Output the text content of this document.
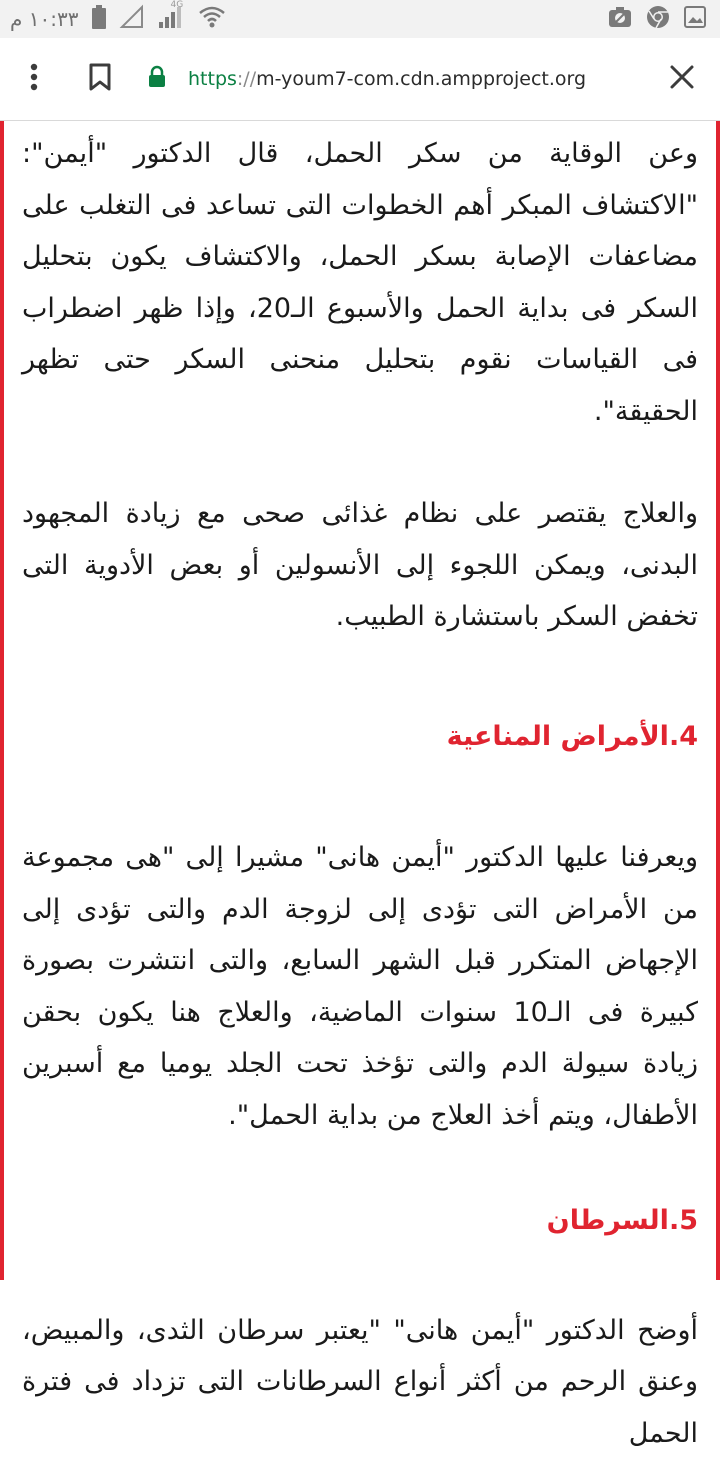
١٠:٣٣ م
4G
https://m-youm7-com.cdn.ampproject.org

وعن الوقاية من سكر الحمل، قال الدكتور "أيمن": "الاكتشاف المبكر أهم الخطوات التى تساعد فى التغلب على مضاعفات الإصابة بسكر الحمل، والاكتشاف يكون بتحليل السكر فى بداية الحمل والأسبوع الـ20، وإذا ظهر اضطراب فى القياسات نقوم بتحليل منحنى السكر حتى تظهر الحقيقة".

والعلاج يقتصر على نظام غذائى صحى مع زيادة المجهود البدنى، ويمكن اللجوء إلى الأنسولين أو بعض الأدوية التى تخفض السكر باستشارة الطبيب.

4.الأمراض المناعية

ويعرفنا عليها الدكتور "أيمن هانى" مشيرا إلى "هى مجموعة من الأمراض التى تؤدى إلى لزوجة الدم والتى تؤدى إلى الإجهاض المتكرر قبل الشهر السابع، والتى انتشرت بصورة كبيرة فى الـ10 سنوات الماضية، والعلاج هنا يكون بحقن زيادة سيولة الدم والتى تؤخذ تحت الجلد يوميا مع أسبرين الأطفال، ويتم أخذ العلاج من بداية الحمل".

5.السرطان

أوضح الدكتور "أيمن هانى" "يعتبر سرطان الثدى، والمبيض، وعنق الرحم من أكثر أنواع السرطانات التى تزداد فى فترة الحمل
